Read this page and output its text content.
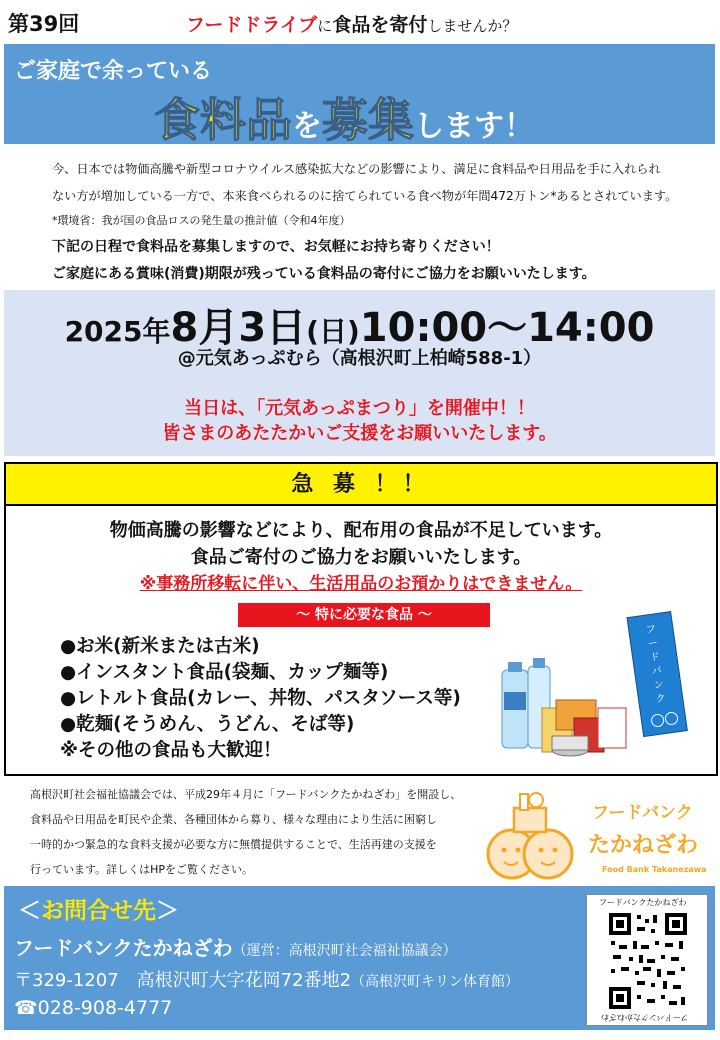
第39回	フードドライブに食品を寄付しませんか？
ご家庭で余っている
食料品を募集します！
今、日本では物価高騰や新型コロナウイルス感染拡大などの影響により、満足に食料品や日用品を手に入れられ
ない方が増加している一方で、本来食べられるのに捨てられている食べ物が年間472万トン*あるとされています。
*環境省：我が国の食品ロスの発生量の推計値（令和4年度）
下記の日程で食料品を募集しますので、お気軽にお持ち寄りください！
ご家庭にある賞味(消費)期限が残っている食料品の寄付にご協力をお願いいたします。
2025年8月3日(日)10:00～14:00
@元気あっぷむら（高根沢町上柏崎588-1）
当日は、「元気あっぷまつり」を開催中！！
皆さまのあたたかいご支援をお願いいたします。
急 募 ！！
物価高騰の影響などにより、配布用の食品が不足しています。
食品ご寄付のご協力をお願いいたします。
※事務所移転に伴い、生活用品のお預かりはできません。
～ 特に必要な食品 ～
●お米(新米または古米)
●インスタント食品(袋麺、カップ麺等)
●レトルト食品(カレー、丼物、パスタソース等)
●乾麺(そうめん、うどん、そば等)
※その他の食品も大歓迎！
フ
ー
ド
バ
ン
ク
高根沢町社会福祉協議会では、平成29年４月に「フードバンクたかねざわ」を開設し、
食料品や日用品を町民や企業、各種団体から募り、様々な理由により生活に困窮し
一時的かつ緊急的な食料支援が必要な方に無償提供することで、生活再建の支援を
行っています。詳しくはHPをご覧ください。
フードバンク
たかねざわ
Food Bank Takanezawa
＜お問合せ先＞
フードバンクたかねざわ（運営：高根沢町社会福祉協議会）
〒329-1207　高根沢町大字花岡72番地2（高根沢町キリン体育館）
☎028-908-4777
フードバンクたかねざわ
フードバンクたかねざわ
